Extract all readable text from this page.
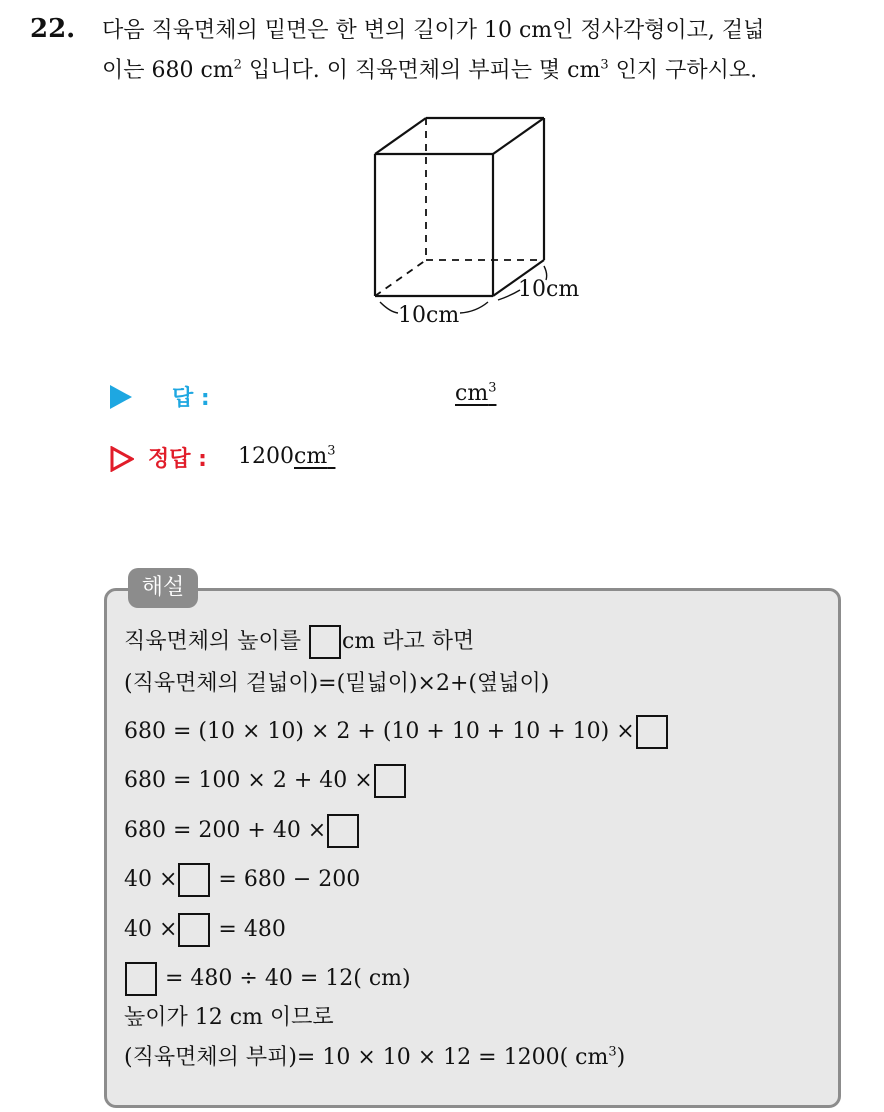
22. 다음 직육면체의 밑면은 한 변의 길이가 10 cm인 정사각형이고, 겉넓
이는 680 $cm^2$ 입니다. 이 직육면체의 부피는 몇 $cm^3$ 인지 구하시오.
10cm
10cm
답 :	$cm^3$
정답 : $1200cm^3$
해설
직육면체의 높이를 cm 라고 하면
(직육면체의 겉넓이)=(밑넓이)×2+(옆넓이)
680 = (10 × 10) × 2 + (10 + 10 + 10 + 10) ×
680 = 100 × 2 + 40 ×
680 = 200 + 40 ×
40 × = 680 − 200
40 × = 480
= 480 ÷ 40 = 12( cm)
높이가 12 cm 이므로
(직육면체의 부피)= 10 × 10 × 12 = 1200( $cm^3$)
